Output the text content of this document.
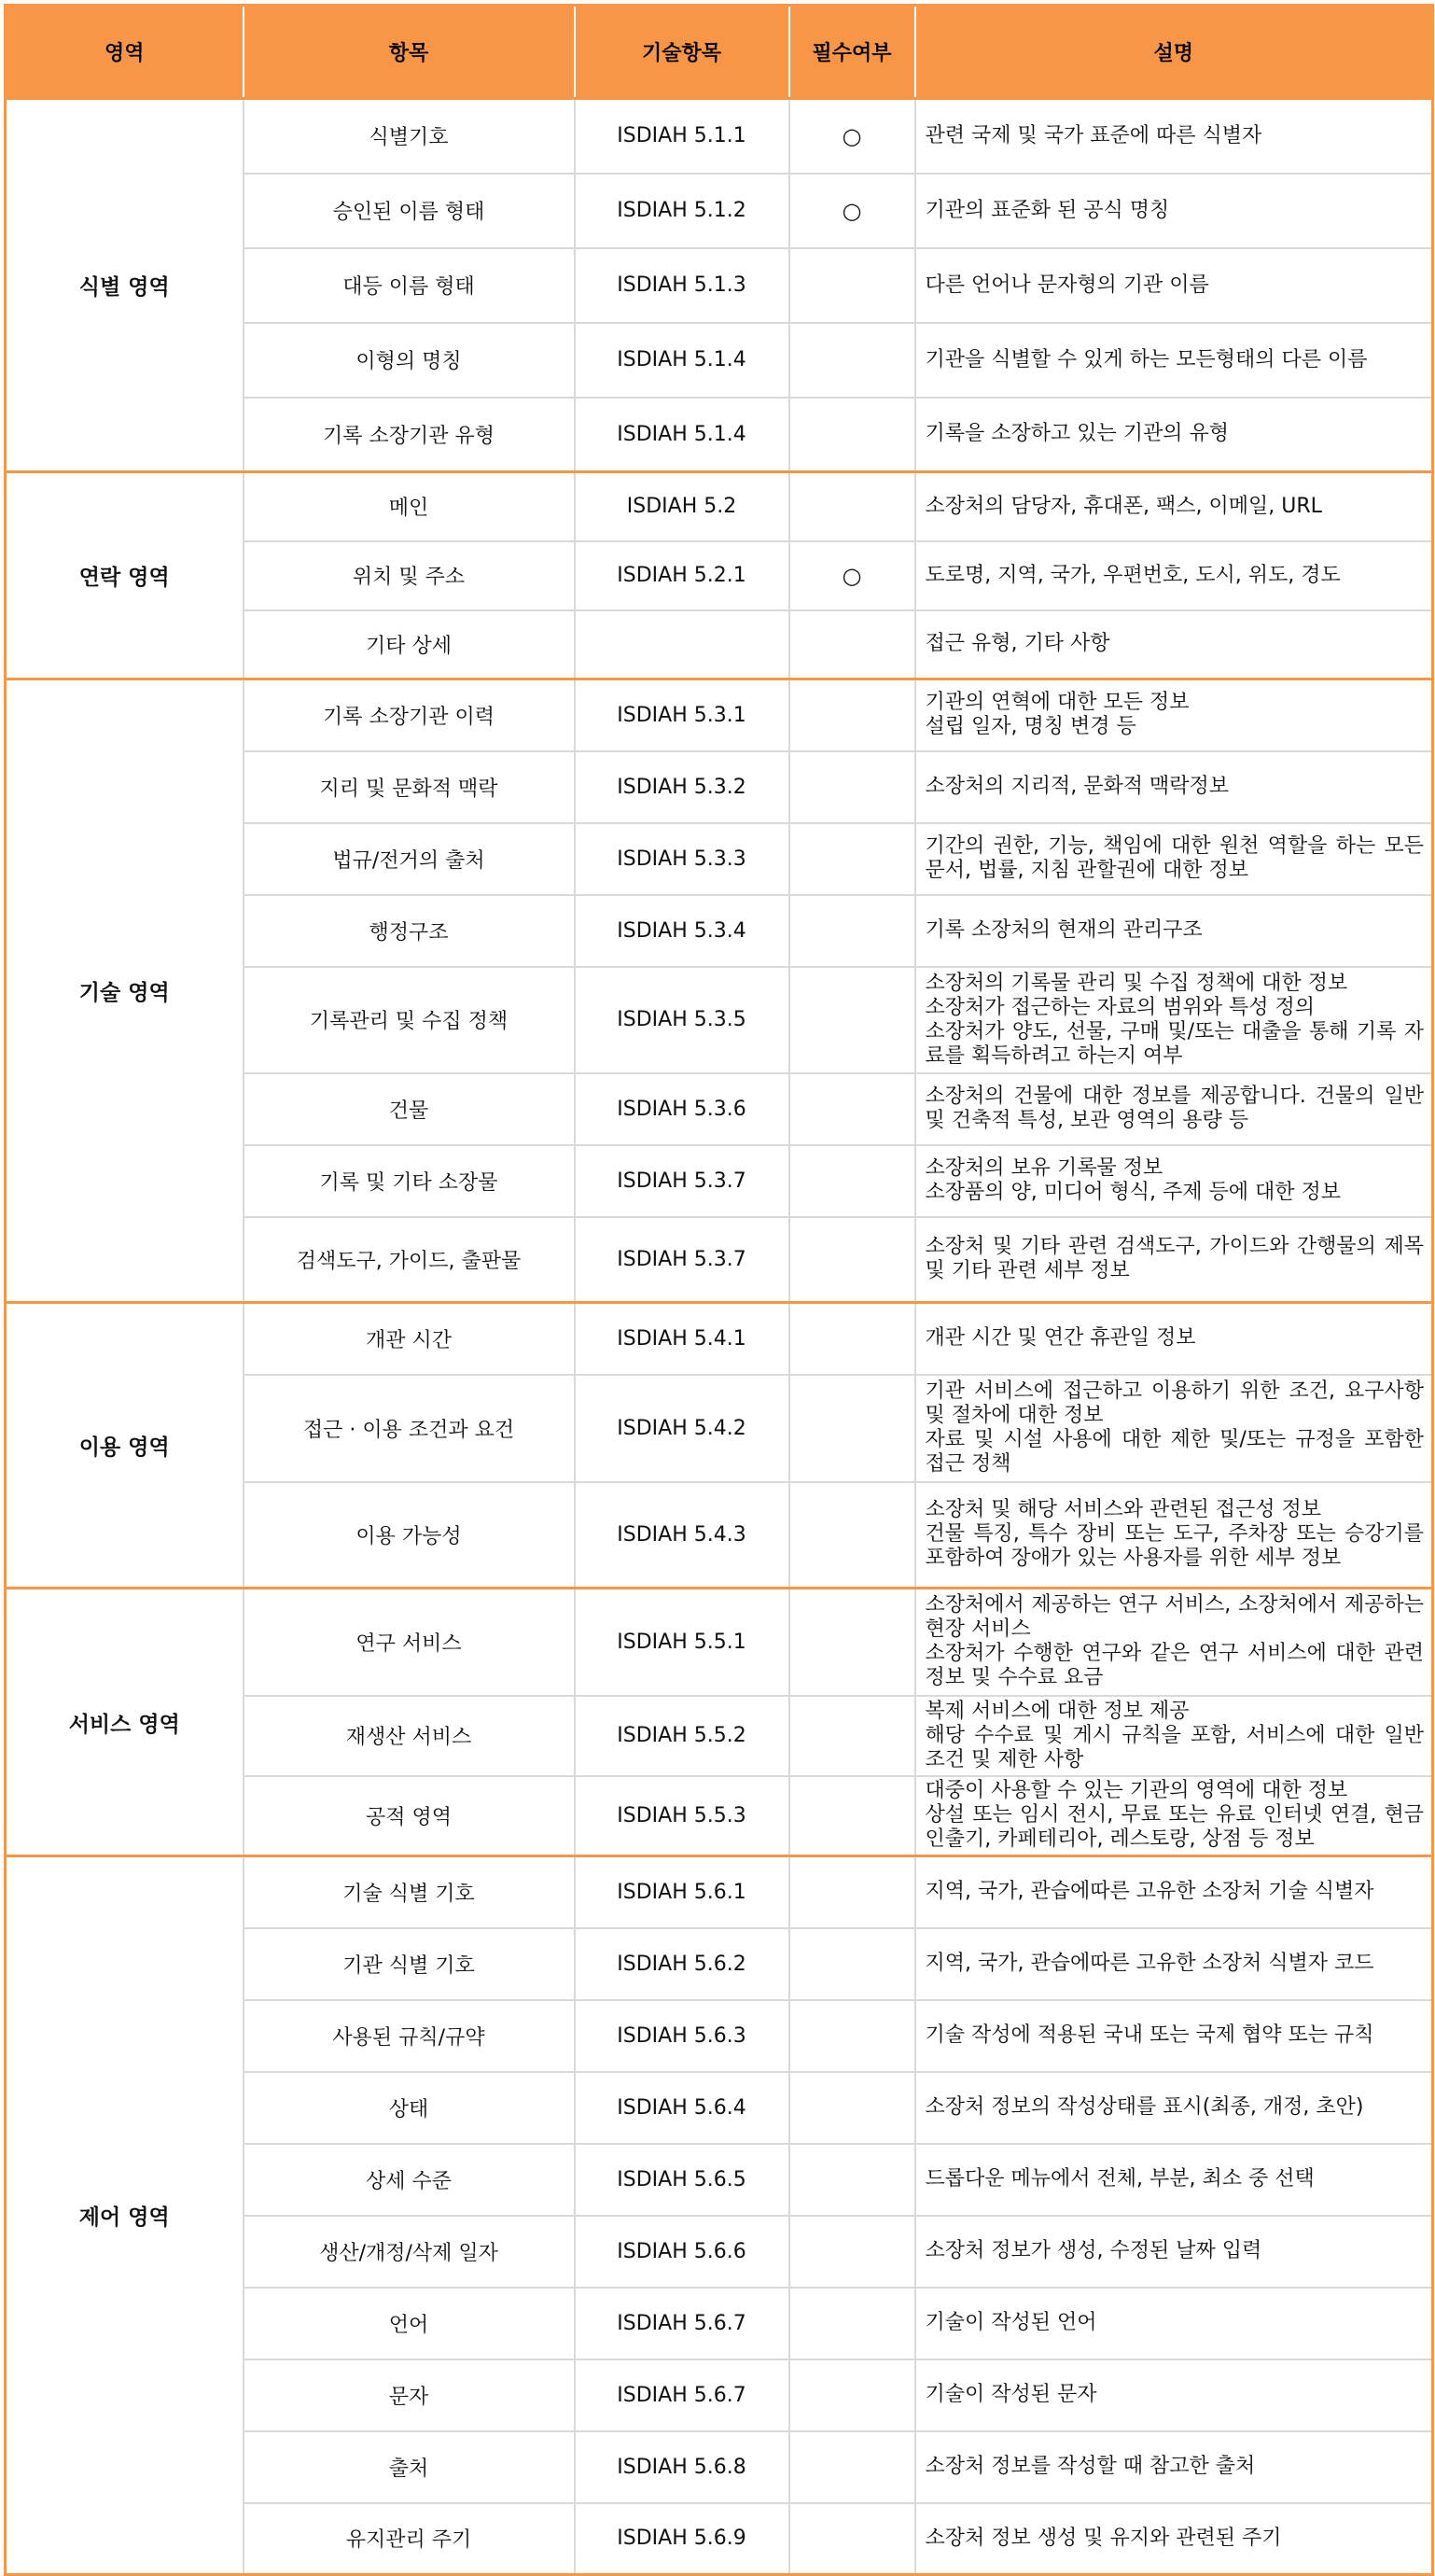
영역	항목	기술항목	필수여부	설명
식별 영역	식별기호	ISDIAH 5.1.1	○	관련 국제 및 국가 표준에 따른 식별자
	승인된 이름 형태	ISDIAH 5.1.2	○	기관의 표준화 된 공식 명칭
	대등 이름 형태	ISDIAH 5.1.3		다른 언어나 문자형의 기관 이름
	이형의 명칭	ISDIAH 5.1.4		기관을 식별할 수 있게 하는 모든형태의 다른 이름
	기록 소장기관 유형	ISDIAH 5.1.4		기록을 소장하고 있는 기관의 유형
연락 영역	메인	ISDIAH 5.2		소장처의 담당자, 휴대폰, 팩스, 이메일, URL
	위치 및 주소	ISDIAH 5.2.1	○	도로명, 지역, 국가, 우편번호, 도시, 위도, 경도
	기타 상세			접근 유형, 기타 사항
기술 영역	기록 소장기관 이력	ISDIAH 5.3.1		기관의 연혁에 대한 모든 정보
설립 일자, 명칭 변경 등
	지리 및 문화적 맥락	ISDIAH 5.3.2		소장처의 지리적, 문화적 맥락정보
	법규/전거의 출처	ISDIAH 5.3.3		기간의 권한, 기능, 책임에 대한 원천 역할을 하는 모든 문서, 법률, 지침 관할권에 대한 정보
	행정구조	ISDIAH 5.3.4		기록 소장처의 현재의 관리구조
	기록관리 및 수집 정책	ISDIAH 5.3.5		소장처의 기록물 관리 및 수집 정책에 대한 정보
소장처가 접근하는 자료의 범위와 특성 정의
소장처가 양도, 선물, 구매 및/또는 대출을 통해 기록 자료를 획득하려고 하는지 여부
	건물	ISDIAH 5.3.6		소장처의 건물에 대한 정보를 제공합니다. 건물의 일반 및 건축적 특성, 보관 영역의 용량 등
	기록 및 기타 소장물	ISDIAH 5.3.7		소장처의 보유 기록물 정보
소장품의 양, 미디어 형식, 주제 등에 대한 정보
	검색도구, 가이드, 출판물	ISDIAH 5.3.7		소장처 및 기타 관련 검색도구, 가이드와 간행물의 제목 및 기타 관련 세부 정보
이용 영역	개관 시간	ISDIAH 5.4.1		개관 시간 및 연간 휴관일 정보
	접근 · 이용 조건과 요건	ISDIAH 5.4.2		기관 서비스에 접근하고 이용하기 위한 조건, 요구사항 및 절차에 대한 정보
자료 및 시설 사용에 대한 제한 및/또는 규정을 포함한 접근 정책
	이용 가능성	ISDIAH 5.4.3		소장처 및 해당 서비스와 관련된 접근성 정보
건물 특징, 특수 장비 또는 도구, 주차장 또는 승강기를 포함하여 장애가 있는 사용자를 위한 세부 정보
서비스 영역	연구 서비스	ISDIAH 5.5.1		소장처에서 제공하는 연구 서비스, 소장처에서 제공하는 현장 서비스
소장처가 수행한 연구와 같은 연구 서비스에 대한 관련 정보 및 수수료 요금
	재생산 서비스	ISDIAH 5.5.2		복제 서비스에 대한 정보 제공
해당 수수료 및 게시 규칙을 포함, 서비스에 대한 일반 조건 및 제한 사항
	공적 영역	ISDIAH 5.5.3		대중이 사용할 수 있는 기관의 영역에 대한 정보
상설 또는 임시 전시, 무료 또는 유료 인터넷 연결, 현금 인출기, 카페테리아, 레스토랑, 상점 등 정보
제어 영역	기술 식별 기호	ISDIAH 5.6.1		지역, 국가, 관습에따른 고유한 소장처 기술 식별자
	기관 식별 기호	ISDIAH 5.6.2		지역, 국가, 관습에따른 고유한 소장처 식별자 코드
	사용된 규칙/규약	ISDIAH 5.6.3		기술 작성에 적용된 국내 또는 국제 협약 또는 규칙
	상태	ISDIAH 5.6.4		소장처 정보의 작성상태를 표시(최종, 개정, 초안)
	상세 수준	ISDIAH 5.6.5		드롭다운 메뉴에서 전체, 부분, 최소 중 선택
	생산/개정/삭제 일자	ISDIAH 5.6.6		소장처 정보가 생성, 수정된 날짜 입력
	언어	ISDIAH 5.6.7		기술이 작성된 언어
	문자	ISDIAH 5.6.7		기술이 작성된 문자
	출처	ISDIAH 5.6.8		소장처 정보를 작성할 때 참고한 출처
	유지관리 주기	ISDIAH 5.6.9		소장처 정보 생성 및 유지와 관련된 주기
